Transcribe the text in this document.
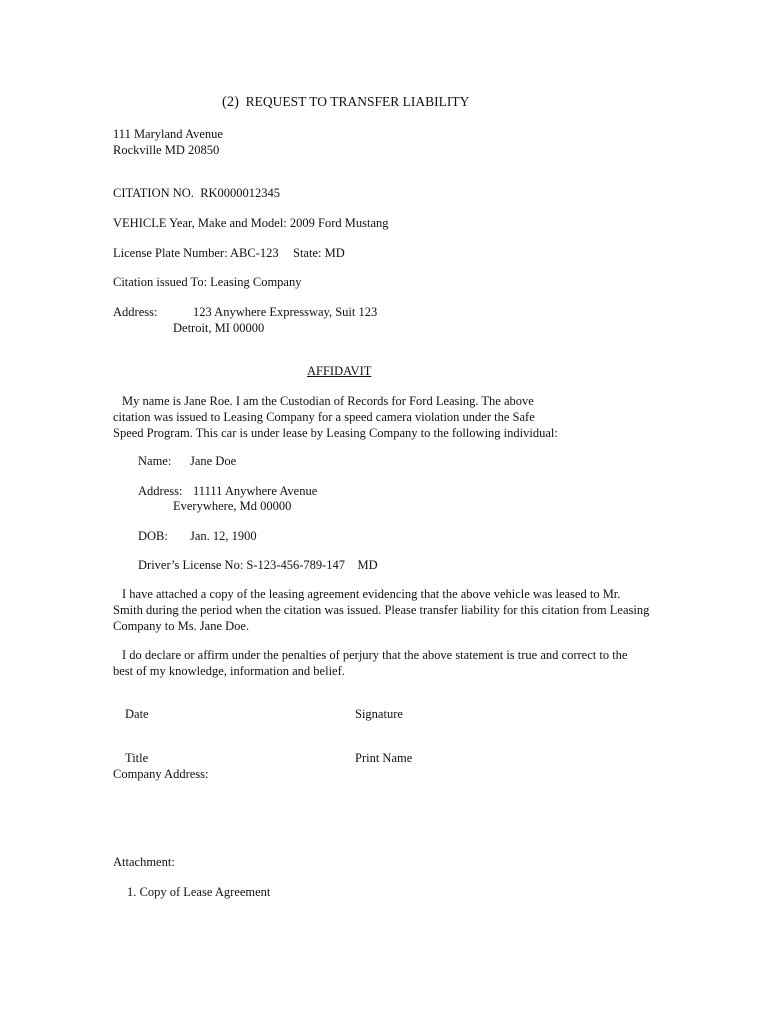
(2) REQUEST TO TRANSFER LIABILITY
111 Maryland Avenue
Rockville MD 20850
CITATION NO. RK0000012345
VEHICLE Year, Make and Model: 2009 Ford Mustang
License Plate Number: ABC-123 State: MD
Citation issued To: Leasing Company
Address:	123 Anywhere Expressway, Suit 123
Detroit, MI 00000
AFFIDAVIT
My name is Jane Roe. I am the Custodian of Records for Ford Leasing. The above
citation was issued to Leasing Company for a speed camera violation under the Safe
Speed Program. This car is under lease by Leasing Company to the following individual:
Name: Jane Doe
Address: 11111 Anywhere Avenue
Everywhere, Md 00000
DOB: Jan. 12, 1900
Driver’s License No: S-123-456-789-147 MD
I have attached a copy of the leasing agreement evidencing that the above vehicle was leased to Mr.
Smith during the period when the citation was issued. Please transfer liability for this citation from Leasing
Company to Ms. Jane Doe.
I do declare or affirm under the penalties of perjury that the above statement is true and correct to the
best of my knowledge, information and belief.
Date	Signature
Title	Print Name
Company Address:
Attachment:
1. Copy of Lease Agreement
